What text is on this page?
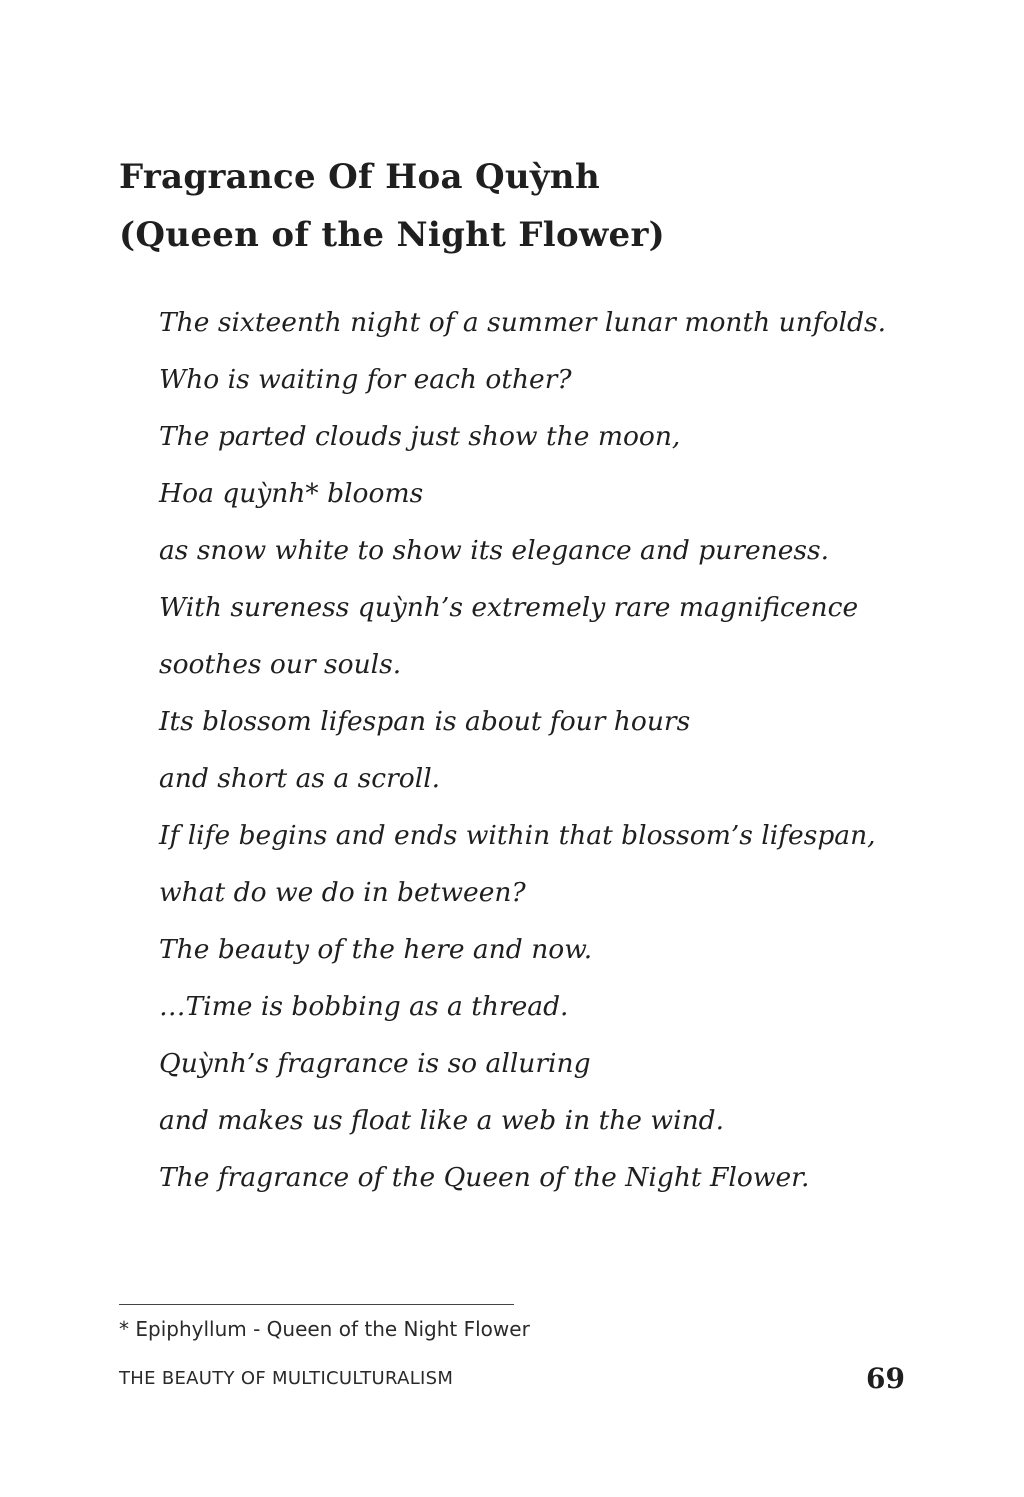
Fragrance Of Hoa Quỳnh
(Queen of the Night Flower)
The sixteenth night of a summer lunar month unfolds.
Who is waiting for each other?
The parted clouds just show the moon,
Hoa quỳnh* blooms
as snow white to show its elegance and pureness.
With sureness quỳnh’s extremely rare magnificence
soothes our souls.
Its blossom lifespan is about four hours
and short as a scroll.
If life begins and ends within that blossom’s lifespan,
what do we do in between?
The beauty of the here and now.
…Time is bobbing as a thread.
Quỳnh’s fragrance is so alluring
and makes us float like a web in the wind.
The fragrance of the Queen of the Night Flower.

* Epiphyllum - Queen of the Night Flower

THE BEAUTY OF MULTICULTURALISM	69
